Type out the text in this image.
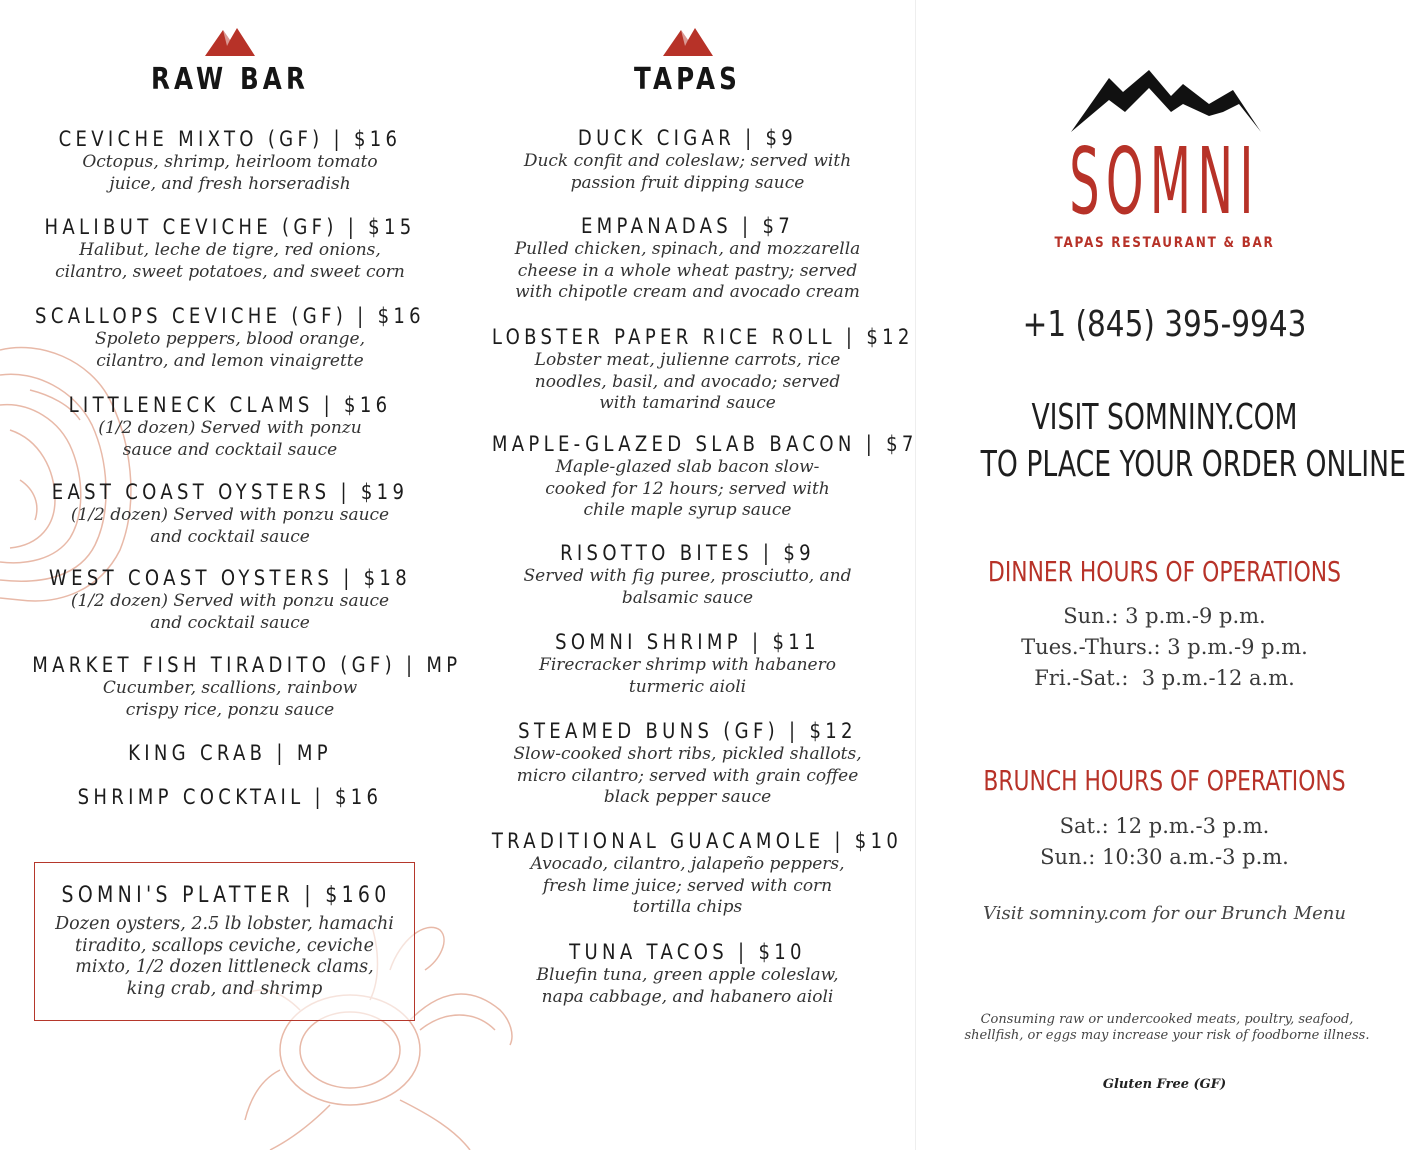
RAW BAR
CEVICHE MIXTO (GF) | $16
Octopus, shrimp, heirloom tomato
juice, and fresh horseradish
HALIBUT CEVICHE (GF) | $15
Halibut, leche de tigre, red onions,
cilantro, sweet potatoes, and sweet corn
SCALLOPS CEVICHE (GF) | $16
Spoleto peppers, blood orange,
cilantro, and lemon vinaigrette
LITTLENECK CLAMS | $16
(1/2 dozen) Served with ponzu
sauce and cocktail sauce
EAST COAST OYSTERS | $19
(1/2 dozen) Served with ponzu sauce
and cocktail sauce
WEST COAST OYSTERS | $18
(1/2 dozen) Served with ponzu sauce
and cocktail sauce
MARKET FISH TIRADITO (GF) | MP
Cucumber, scallions, rainbow
crispy rice, ponzu sauce
KING CRAB | MP
SHRIMP COCKTAIL | $16
SOMNI'S PLATTER | $160
Dozen oysters, 2.5 lb lobster, hamachi
tiradito, scallops ceviche, ceviche
mixto, 1/2 dozen littleneck clams,
king crab, and shrimp
TAPAS
DUCK CIGAR | $9
Duck confit and coleslaw; served with
passion fruit dipping sauce
EMPANADAS | $7
Pulled chicken, spinach, and mozzarella
cheese in a whole wheat pastry; served
with chipotle cream and avocado cream
LOBSTER PAPER RICE ROLL | $12
Lobster meat, julienne carrots, rice
noodles, basil, and avocado; served
with tamarind sauce
MAPLE-GLAZED SLAB BACON | $7
Maple-glazed slab bacon slow-
cooked for 12 hours; served with
chile maple syrup sauce
RISOTTO BITES | $9
Served with fig puree, prosciutto, and
balsamic sauce
SOMNI SHRIMP | $11
Firecracker shrimp with habanero
turmeric aioli
STEAMED BUNS (GF) | $12
Slow-cooked short ribs, pickled shallots,
micro cilantro; served with grain coffee
black pepper sauce
TRADITIONAL GUACAMOLE | $10
Avocado, cilantro, jalapeño peppers,
fresh lime juice; served with corn
tortilla chips
TUNA TACOS | $10
Bluefin tuna, green apple coleslaw,
napa cabbage, and habanero aioli
SOMNI
TAPAS RESTAURANT & BAR
+1 (845) 395-9943
VISIT SOMNINY.COM
TO PLACE YOUR ORDER ONLINE
DINNER HOURS OF OPERATIONS
Sun.: 3 p.m.-9 p.m.
Tues.-Thurs.: 3 p.m.-9 p.m.
Fri.-Sat.:  3 p.m.-12 a.m.
BRUNCH HOURS OF OPERATIONS
Sat.: 12 p.m.-3 p.m.
Sun.: 10:30 a.m.-3 p.m.
Visit somniny.com for our Brunch Menu
Consuming raw or undercooked meats, poultry, seafood,
shellfish, or eggs may increase your risk of foodborne illness.
Gluten Free (GF)
